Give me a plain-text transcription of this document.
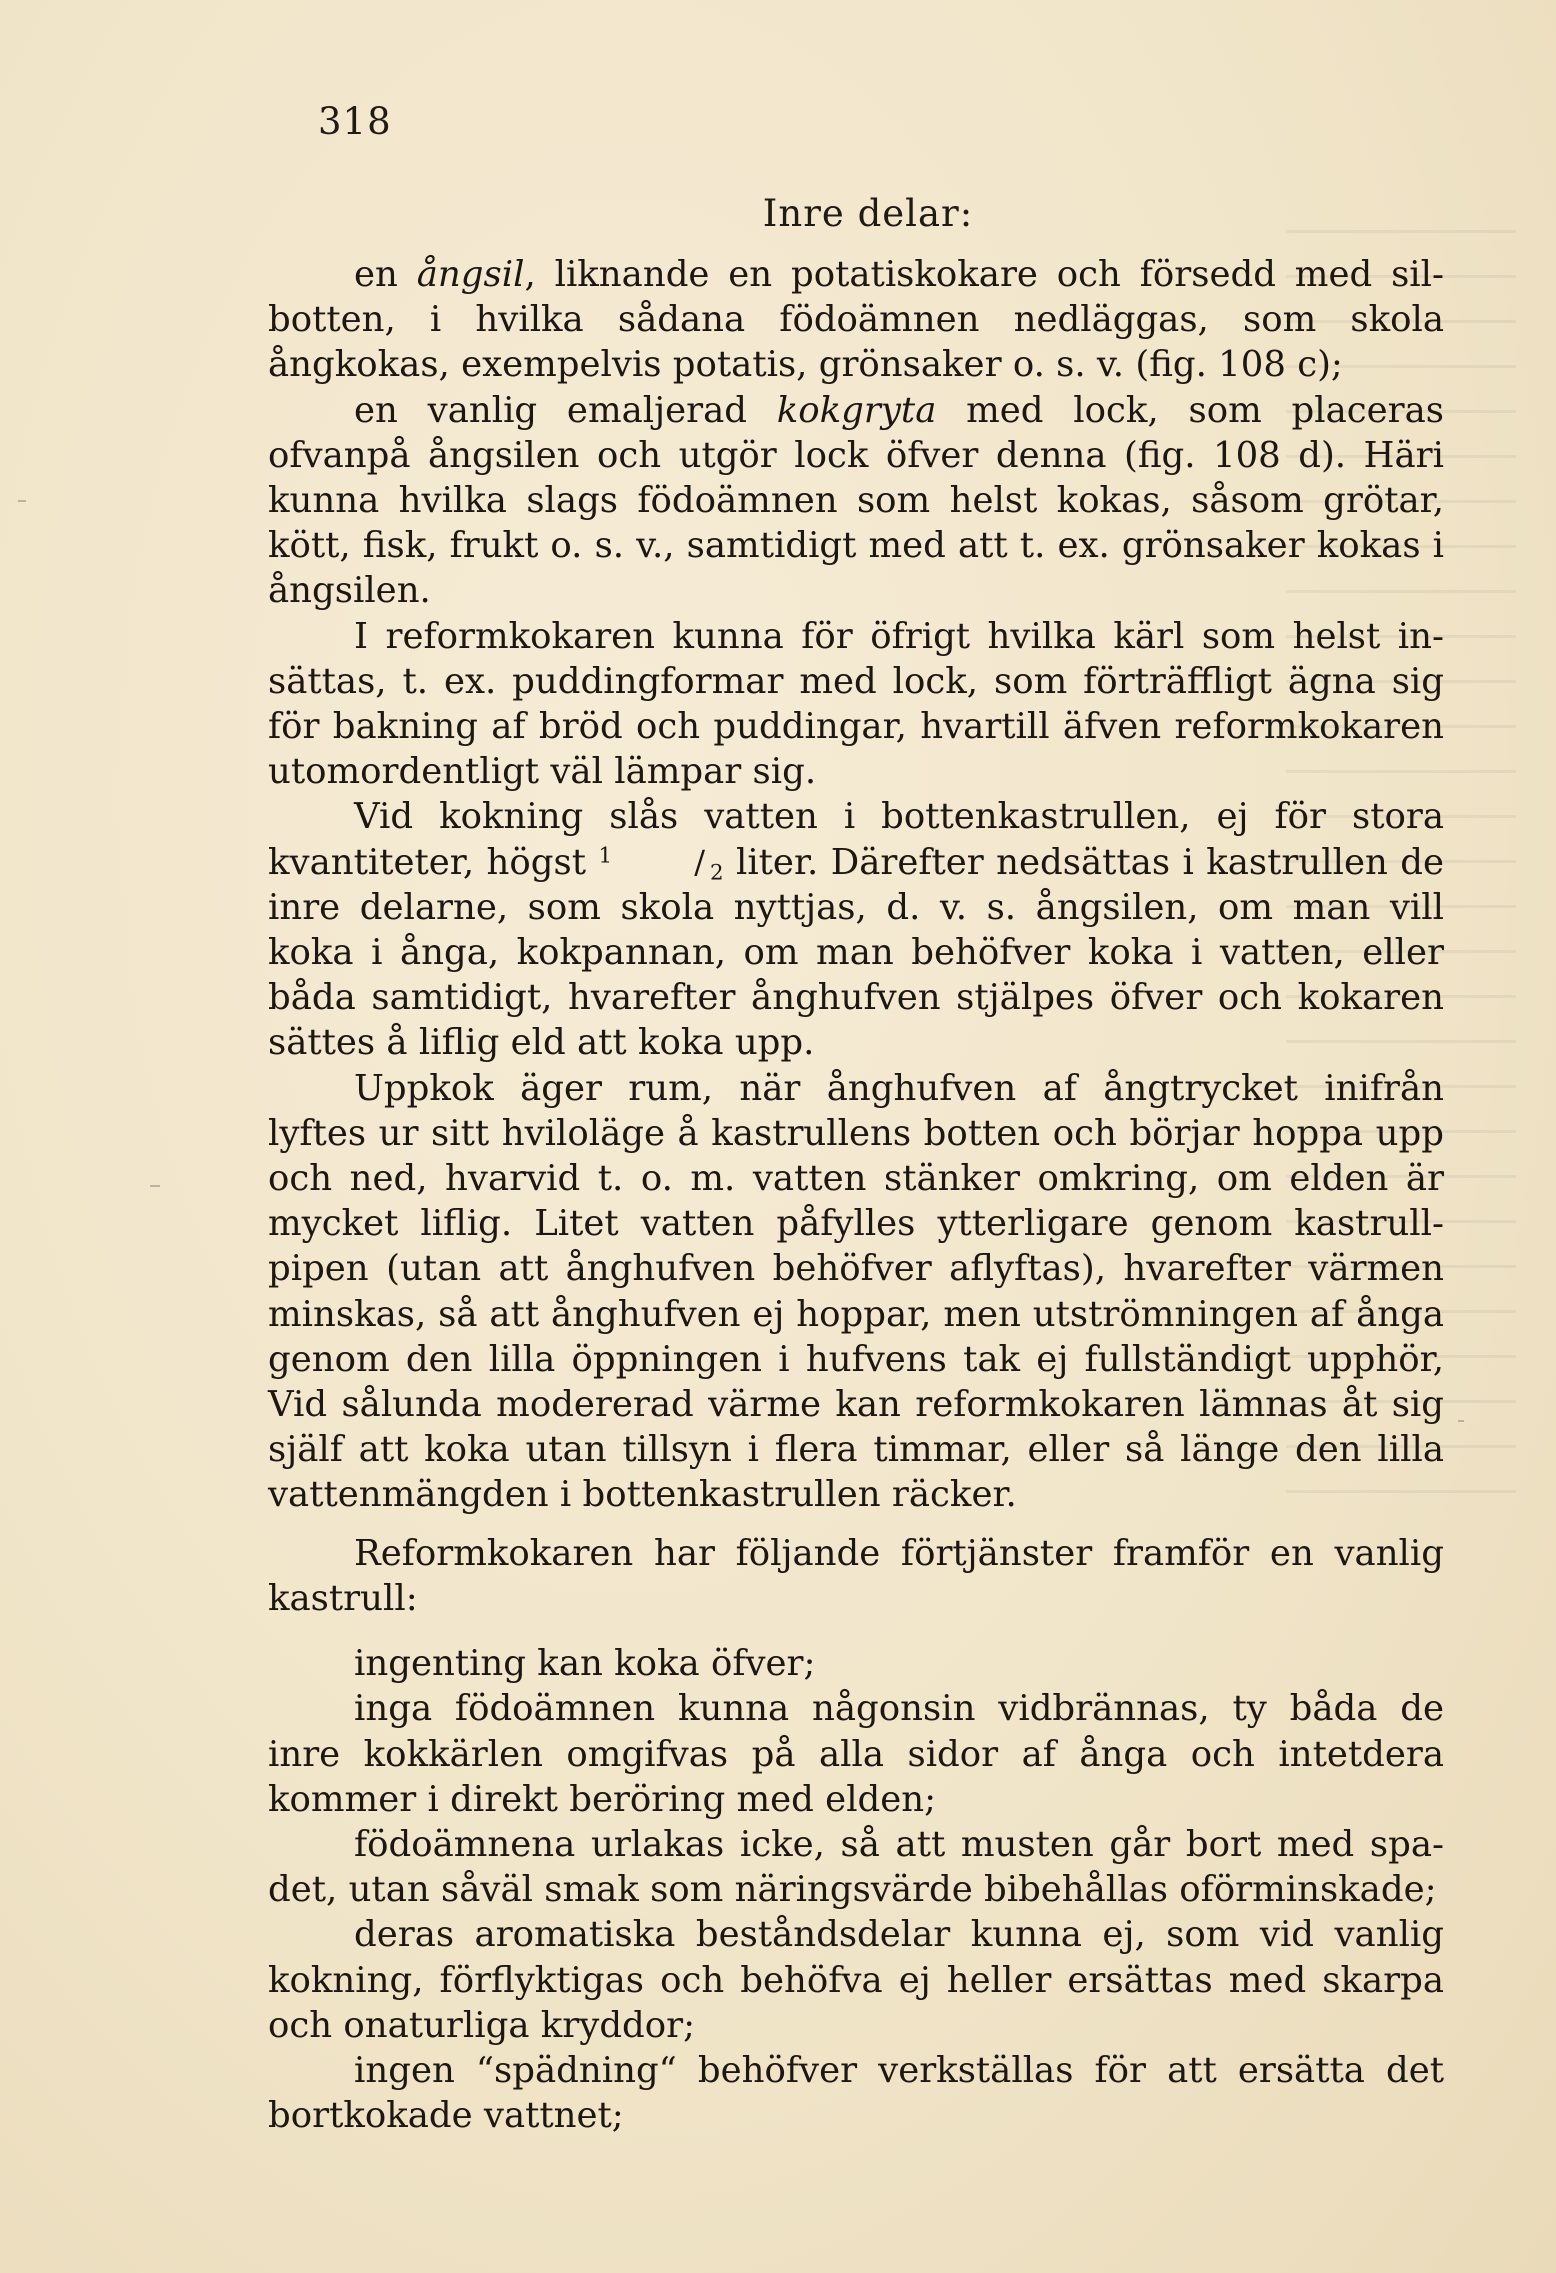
318
Inre delar:

en ångsil, liknande en potatiskokare och försedd med sil-botten, i hvilka sådana födoämnen nedläggas, som skola ångkokas, exempelvis potatis, grönsaker o. s. v. (fig. 108 c);

en vanlig emaljerad kokgryta med lock, som placeras ofvanpå ångsilen och utgör lock öfver denna (fig. 108 d). Häri kunna hvilka slags födoämnen som helst kokas, såsom grötar, kött, fisk, frukt o. s. v., samtidigt med att t. ex. grönsaker kokas i ångsilen.

I reformkokaren kunna för öfrigt hvilka kärl som helst in-sättas, t. ex. puddingformar med lock, som förträffligt ägna sig för bakning af bröd och puddingar, hvartill äfven reformkokaren utomordentligt väl lämpar sig.

Vid kokning slås vatten i bottenkastrullen, ej för stora kvantiteter, högst $^1$ / $_2$ liter. Därefter nedsättas i kastrullen de inre delarne, som skola nyttjas, d. v. s. ångsilen, om man vill koka i ånga, kokpannan, om man behöfver koka i vatten, eller båda samtidigt, hvarefter ånghufven stjälpes öfver och kokaren sättes å liflig eld att koka upp.

Uppkok äger rum, när ånghufven af ångtrycket inifrån lyftes ur sitt hviloläge å kastrullens botten och börjar hoppa upp och ned, hvarvid t. o. m. vatten stänker omkring, om elden är mycket liflig. Litet vatten påfylles ytterligare genom kastrull-pipen (utan att ånghufven behöfver aflyftas), hvarefter värmen minskas, så att ånghufven ej hoppar, men utströmningen af ånga genom den lilla öppningen i hufvens tak ej fullständigt upphör, Vid sålunda modererad värme kan reformkokaren lämnas åt sig själf att koka utan tillsyn i flera timmar, eller så länge den lilla vattenmängden i bottenkastrullen räcker.

Reformkokaren har följande förtjänster framför en vanlig kastrull:

ingenting kan koka öfver;

inga födoämnen kunna någonsin vidbrännas, ty båda de inre kokkärlen omgifvas på alla sidor af ånga och intetdera kommer i direkt beröring med elden;

födoämnena urlakas icke, så att musten går bort med spa-det, utan såväl smak som näringsvärde bibehållas oförminskade;

deras aromatiska beståndsdelar kunna ej, som vid vanlig kokning, förflyktigas och behöfva ej heller ersättas med skarpa och onaturliga kryddor;

ingen “spädning“ behöfver verkställas för att ersätta det bortkokade vattnet;
